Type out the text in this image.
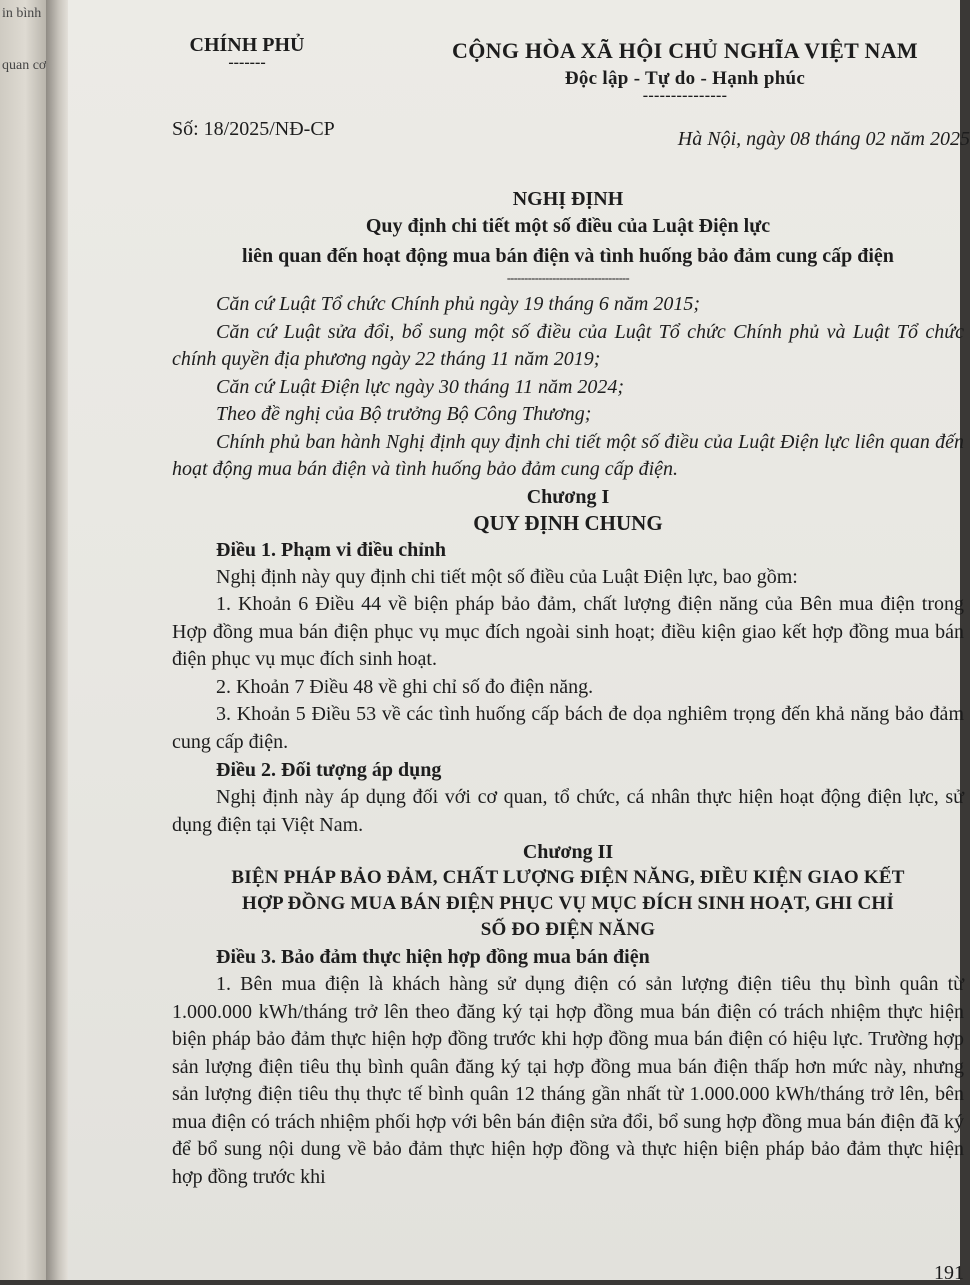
in bình
quan cơ
CHÍNH PHỦ
-------	CỘNG HÒA XÃ HỘI CHỦ NGHĨA VIỆT NAM
Độc lập - Tự do - Hạnh phúc
---------------
Số: 18/2025/NĐ-CP	Hà Nội, ngày 08 tháng 02 năm 2025
NGHỊ ĐỊNH
Quy định chi tiết một số điều của Luật Điện lực
liên quan đến hoạt động mua bán điện và tình huống bảo đảm cung cấp điện
-----------------------------------

Căn cứ Luật Tổ chức Chính phủ ngày 19 tháng 6 năm 2015;

Căn cứ Luật sửa đổi, bổ sung một số điều của Luật Tổ chức Chính phủ và Luật Tổ chức chính quyền địa phương ngày 22 tháng 11 năm 2019;

Căn cứ Luật Điện lực ngày 30 tháng 11 năm 2024;

Theo đề nghị của Bộ trưởng Bộ Công Thương;

Chính phủ ban hành Nghị định quy định chi tiết một số điều của Luật Điện lực liên quan đến hoạt động mua bán điện và tình huống bảo đảm cung cấp điện.

Chương I
QUY ĐỊNH CHUNG
Điều 1. Phạm vi điều chỉnh

Nghị định này quy định chi tiết một số điều của Luật Điện lực, bao gồm:

1. Khoản 6 Điều 44 về biện pháp bảo đảm, chất lượng điện năng của Bên mua điện trong Hợp đồng mua bán điện phục vụ mục đích ngoài sinh hoạt; điều kiện giao kết hợp đồng mua bán điện phục vụ mục đích sinh hoạt.

2. Khoản 7 Điều 48 về ghi chỉ số đo điện năng.

3. Khoản 5 Điều 53 về các tình huống cấp bách đe dọa nghiêm trọng đến khả năng bảo đảm cung cấp điện.

Điều 2. Đối tượng áp dụng

Nghị định này áp dụng đối với cơ quan, tổ chức, cá nhân thực hiện hoạt động điện lực, sử dụng điện tại Việt Nam.

Chương II
BIỆN PHÁP BẢO ĐẢM, CHẤT LƯỢNG ĐIỆN NĂNG, ĐIỀU KIỆN GIAO KẾT
HỢP ĐỒNG MUA BÁN ĐIỆN PHỤC VỤ MỤC ĐÍCH SINH HOẠT, GHI CHỈ
SỐ ĐO ĐIỆN NĂNG
Điều 3. Bảo đảm thực hiện hợp đồng mua bán điện

1. Bên mua điện là khách hàng sử dụng điện có sản lượng điện tiêu thụ bình quân từ 1.000.000 kWh/tháng trở lên theo đăng ký tại hợp đồng mua bán điện có trách nhiệm thực hiện biện pháp bảo đảm thực hiện hợp đồng trước khi hợp đồng mua bán điện có hiệu lực. Trường hợp sản lượng điện tiêu thụ bình quân đăng ký tại hợp đồng mua bán điện thấp hơn mức này, nhưng sản lượng điện tiêu thụ thực tế bình quân 12 tháng gần nhất từ 1.000.000 kWh/tháng trở lên, bên mua điện có trách nhiệm phối hợp với bên bán điện sửa đổi, bổ sung hợp đồng mua bán điện đã ký để bổ sung nội dung về bảo đảm thực hiện hợp đồng và thực hiện biện pháp bảo đảm thực hiện hợp đồng trước khi

191
